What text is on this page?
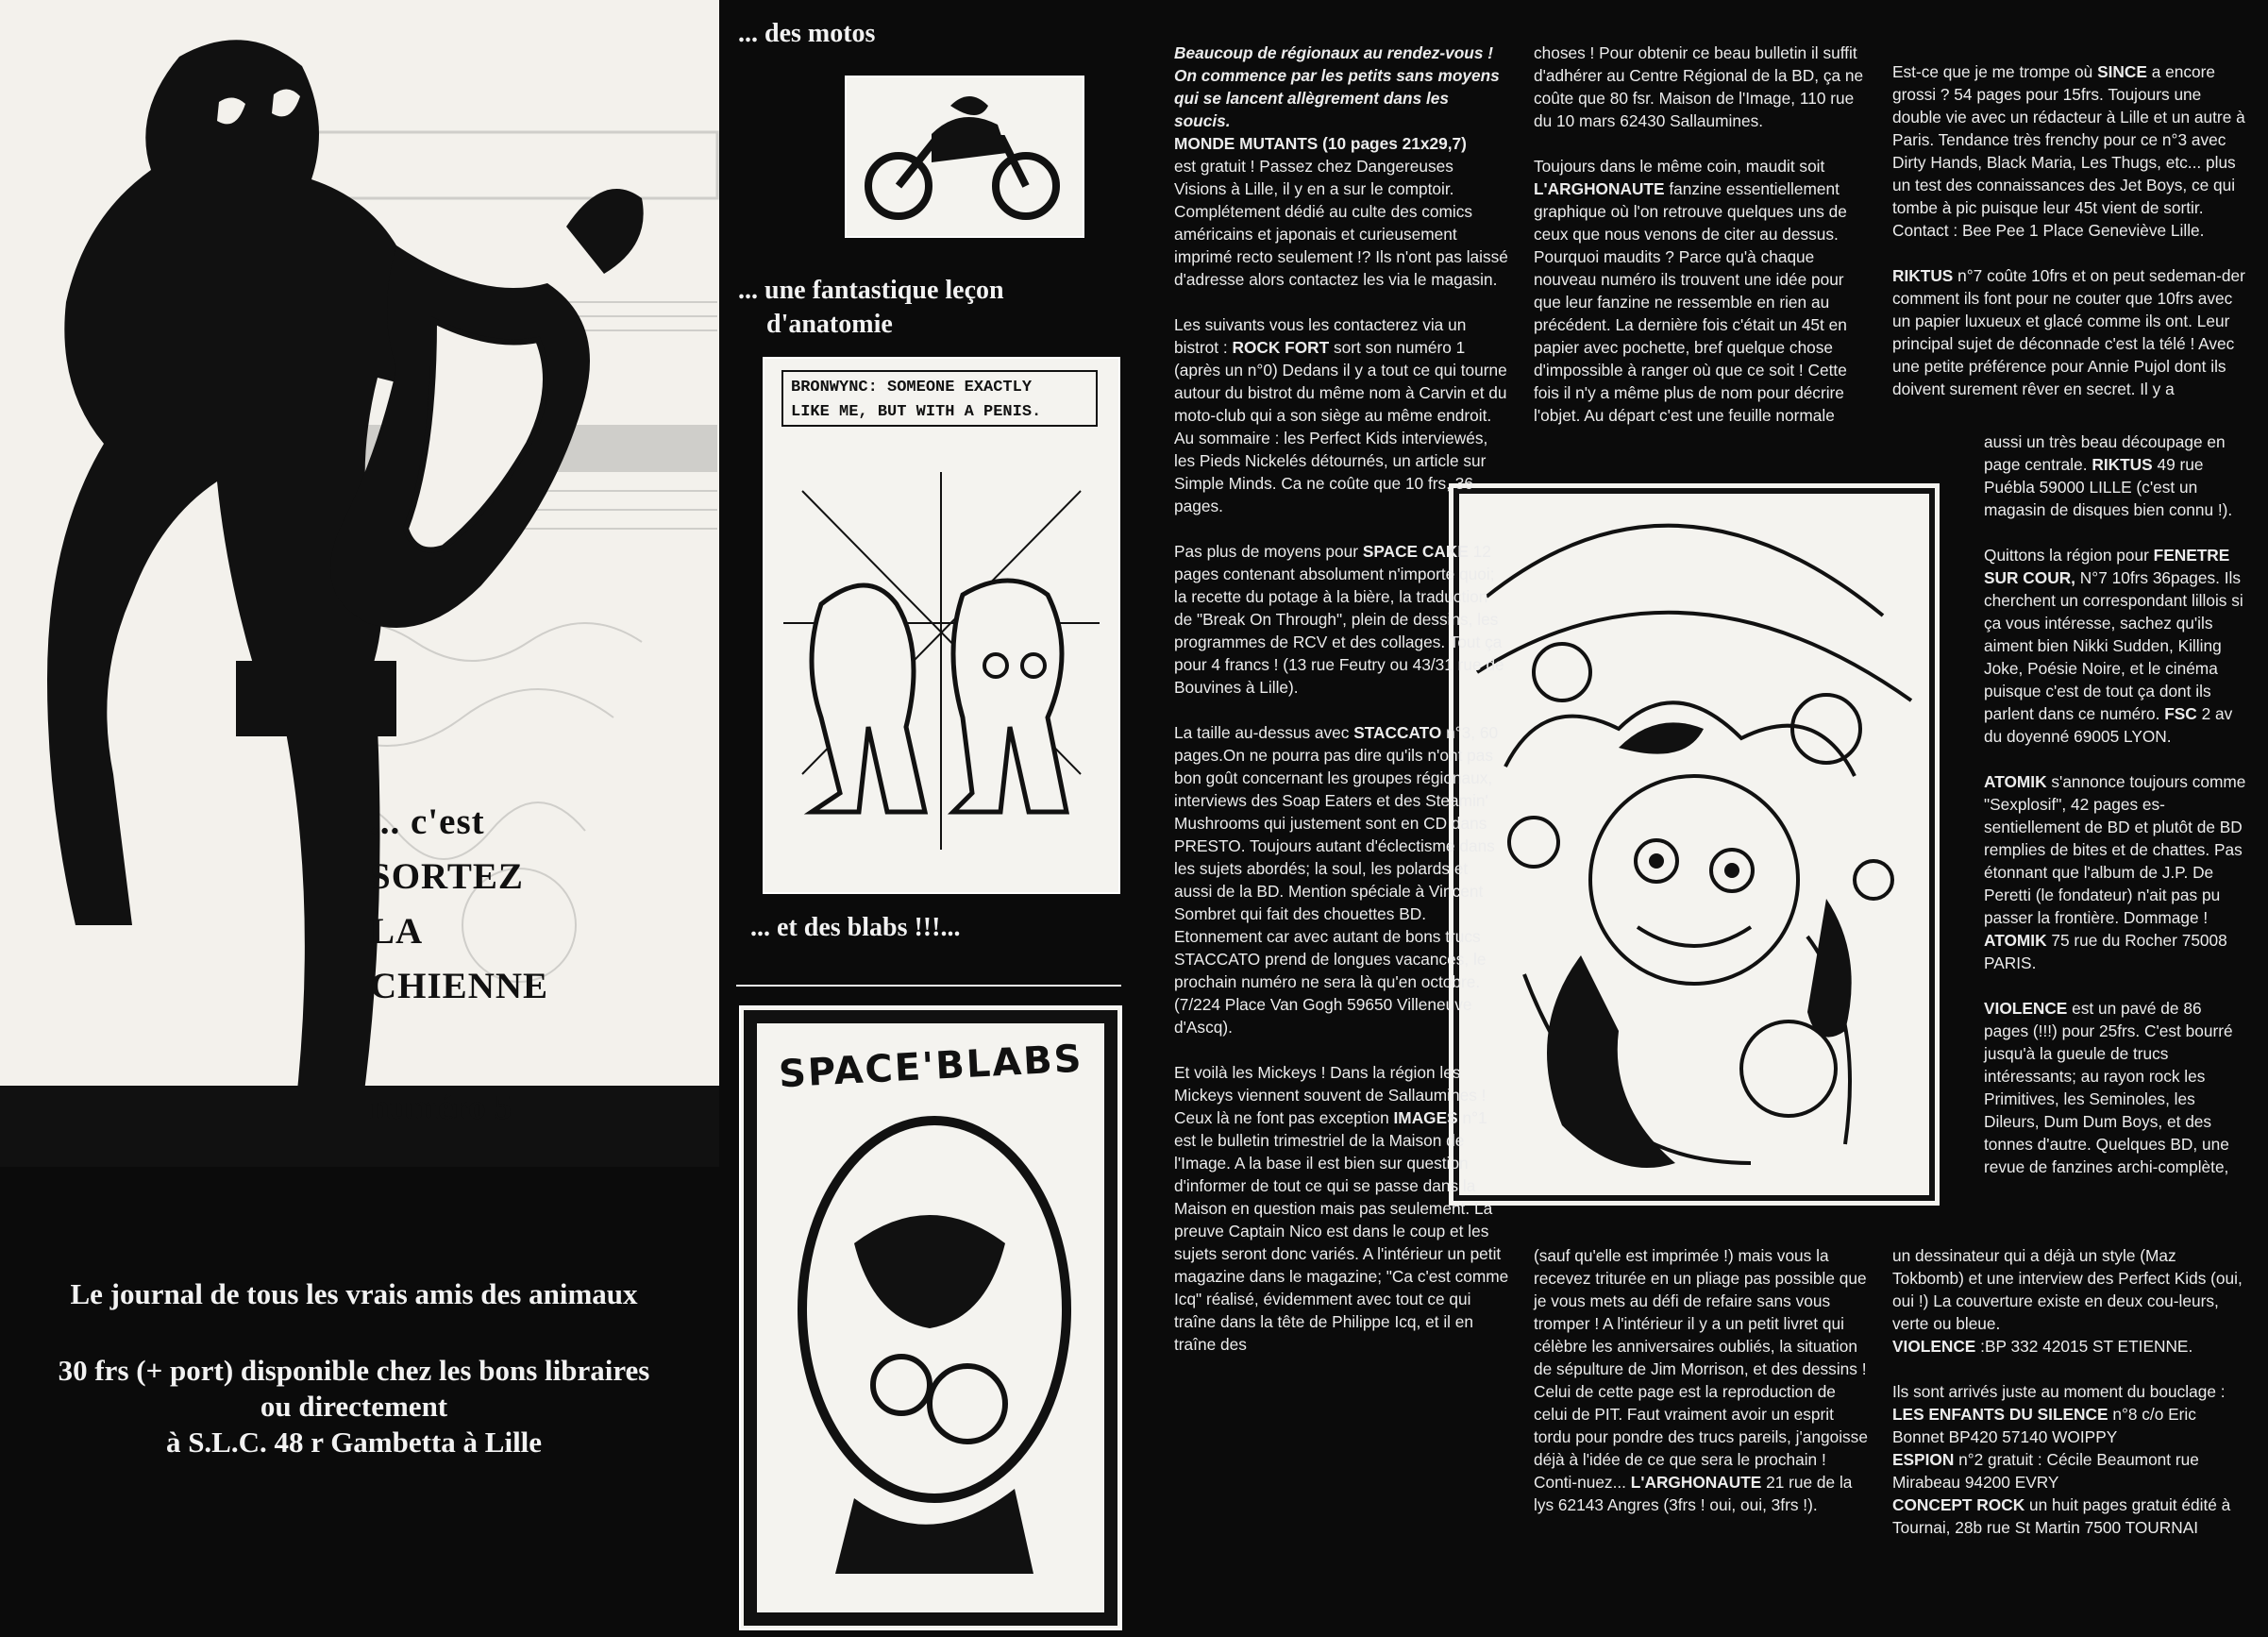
... c'est
SORTEZ
LA
CHIENNE
numéro 5
Le journal de tous les vrais amis des animaux
30 frs (+ port) disponible chez les bons libraires
ou directement
à S.L.C. 48 r Gambetta à Lille
... des motos
... une fantastique leçon
d'anatomie
BRONWYNC: SOMEONE EXACTLY
LIKE ME, BUT WITH A PENIS.
... et des blabs !!!...
SPACE'BLABS

Beaucoup de régionaux au rendez-vous ! On commence par les petits sans moyens qui se lancent allègrement dans les soucis.
MONDE MUTANTS (10 pages 21x29,7)
est gratuit ! Passez chez Dangereuses Visions à Lille, il y en a sur le comptoir. Complétement dédié au culte des comics américains et japonais et curieusement imprimé recto seulement !? Ils n'ont pas laissé d'adresse alors contactez les via le magasin.

Les suivants vous les contacterez via un bistrot : ROCK FORT sort son numéro 1 (après un n°0) Dedans il y a tout ce qui tourne autour du bistrot du même nom à Carvin et du moto-club qui a son siège au même endroit. Au sommaire : les Perfect Kids interviewés, les Pieds Nickelés détournés, un article sur Simple Minds. Ca ne coûte que 10 frs, 36 pages.

Pas plus de moyens pour SPACE CAKE 12 pages contenant absolument n'importe quoi; la recette du potage à la bière, la traduction de "Break On Through", plein de dessins, les programmes de RCV et des collages. Tout ça pour 4 francs ! (13 rue Feutry ou 43/31 rue de Bouvines à Lille).

La taille au-dessus avec STACCATO n°3, 60 pages.On ne pourra pas dire qu'ils n'ont pas bon goût concernant les groupes régionaux, interviews des Soap Eaters et des Steamin' Mushrooms qui justement sont en CD dans PRESTO. Toujours autant d'éclectisme dans les sujets abordés; la soul, les polards et aussi de la BD. Mention spéciale à Vincent Sombret qui fait des chouettes BD. Etonnement car avec autant de bons trucs STACCATO prend de longues vacances, le prochain numéro ne sera là qu'en octobre. (7/224 Place Van Gogh 59650 Villeneuve d'Ascq).

Et voilà les Mickeys ! Dans la région les Mickeys viennent souvent de Sallaumines ! Ceux là ne font pas exception IMAGES n°1 est le bulletin trimestriel de la Maison de l'Image. A la base il est bien sur question d'informer de tout ce qui se passe dans la Maison en question mais pas seulement. La preuve Captain Nico est dans le coup et les sujets seront donc variés. A l'intérieur un petit magazine dans le magazine; "Ca c'est comme Icq" réalisé, évidemment avec tout ce qui traîne dans la tête de Philippe Icq, et il en traîne des

choses ! Pour obtenir ce beau bulletin il suffit d'adhérer au Centre Régional de la BD, ça ne coûte que 80 fsr. Maison de l'Image, 110 rue du 10 mars 62430 Sallaumines.

Toujours dans le même coin, maudit soit L'ARGHONAUTE fanzine essentiellement graphique où l'on retrouve quelques uns de ceux que nous venons de citer au dessus. Pourquoi maudits ? Parce qu'à chaque nouveau numéro ils trouvent une idée pour que leur fanzine ne ressemble en rien au précédent. La dernière fois c'était un 45t en papier avec pochette, bref quelque chose d'impossible à ranger où que ce soit ! Cette fois il n'y a même plus de nom pour décrire l'objet. Au départ c'est une feuille normale

(sauf qu'elle est imprimée !) mais vous la recevez triturée en un pliage pas possible que je vous mets au défi de refaire sans vous tromper ! A l'intérieur il y a un petit livret qui célèbre les anniversaires oubliés, la situation de sépulture de Jim Morrison, et des dessins ! Celui de cette page est la reproduction de celui de PIT. Faut vraiment avoir un esprit tordu pour pondre des trucs pareils, j'angoisse déjà à l'idée de ce que sera le prochain ! Conti-nuez... L'ARGHONAUTE 21 rue de la lys 62143 Angres (3frs ! oui, oui, 3frs !).

Est-ce que je me trompe où SINCE a encore grossi ? 54 pages pour 15frs. Toujours une double vie avec un rédacteur à Lille et un autre à Paris. Tendance très frenchy pour ce n°3 avec Dirty Hands, Black Maria, Les Thugs, etc... plus un test des connaissances des Jet Boys, ce qui tombe à pic puisque leur 45t vient de sortir. Contact : Bee Pee 1 Place Geneviève Lille.

RIKTUS n°7 coûte 10frs et on peut sedeman-der comment ils font pour ne couter que 10frs avec un papier luxueux et glacé comme ils ont. Leur principal sujet de déconnade c'est la télé ! Avec une petite préférence pour Annie Pujol dont ils doivent surement rêver en secret. Il y a

aussi un très beau découpage en page centrale. RIKTUS 49 rue Puébla 59000 LILLE (c'est un magasin de disques bien connu !).

Quittons la région pour FENETRE SUR COUR, N°7 10frs 36pages. Ils cherchent un correspondant lillois si ça vous intéresse, sachez qu'ils aiment bien Nikki Sudden, Killing Joke, Poésie Noire, et le cinéma puisque c'est de tout ça dont ils parlent dans ce numéro. FSC 2 av du doyenné 69005 LYON.

ATOMIK s'annonce toujours comme "Sexplosif", 42 pages es-sentiellement de BD et plutôt de BD remplies de bites et de chattes. Pas étonnant que l'album de J.P. De Peretti (le fondateur) n'ait pas pu passer la frontière. Dommage ! ATOMIK 75 rue du Rocher 75008 PARIS.

VIOLENCE est un pavé de 86 pages (!!!) pour 25frs. C'est bourré jusqu'à la gueule de trucs intéressants; au rayon rock les Primitives, les Seminoles, les Dileurs, Dum Dum Boys, et des tonnes d'autre. Quelques BD, une revue de fanzines archi-complète,

un dessinateur qui a déjà un style (Maz Tokbomb) et une interview des Perfect Kids (oui, oui !) La couverture existe en deux cou-leurs, verte ou bleue.
VIOLENCE :BP 332 42015 ST ETIENNE.

Ils sont arrivés juste au moment du bouclage :
LES ENFANTS DU SILENCE n°8 c/o Eric Bonnet BP420 57140 WOIPPY
ESPION n°2 gratuit : Cécile Beaumont rue Mirabeau 94200 EVRY
CONCEPT ROCK un huit pages gratuit édité à Tournai, 28b rue St Martin 7500 TOURNAI
